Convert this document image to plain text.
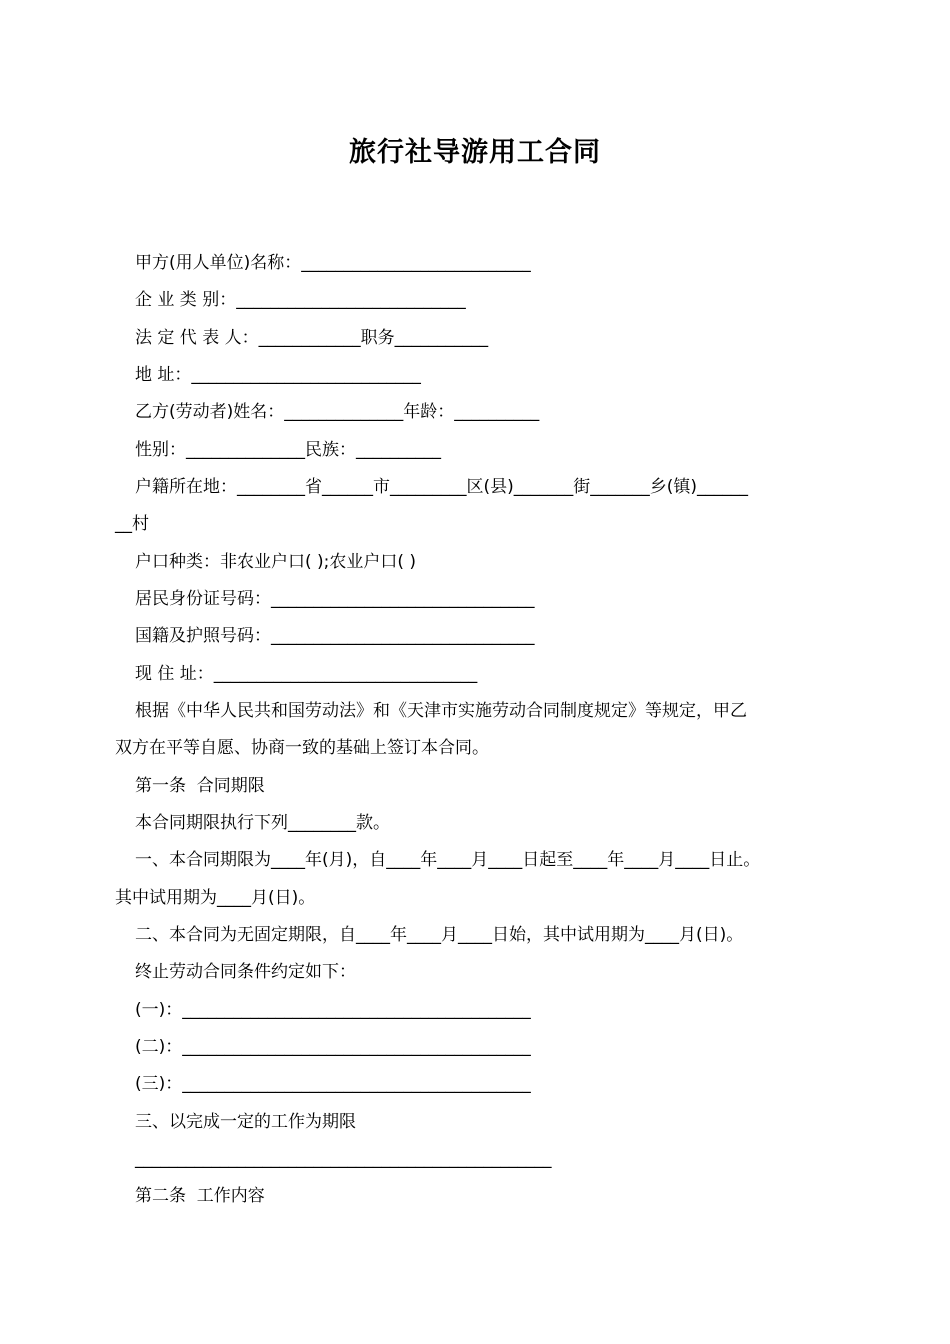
旅行社导游用工合同
甲方(用人单位)名称：___________________________
企 业 类 别：___________________________
法 定 代 表 人：____________职务___________
地 址：___________________________
乙方(劳动者)姓名：______________年龄：__________
性别：______________民族：__________
户籍所在地：________省______市_________区(县)_______街_______乡(镇)______
__村
户口种类：非农业户口( );农业户口( )
居民身份证号码：_______________________________
国籍及护照号码：_______________________________
现 住 址：_______________________________
根据《中华人民共和国劳动法》和《天津市实施劳动合同制度规定》等规定，甲乙
双方在平等自愿、协商一致的基础上签订本合同。
第一条  合同期限
本合同期限执行下列________款。
一、本合同期限为____年(月)，自____年____月____日起至____年____月____日止。
其中试用期为____月(日)。
二、本合同为无固定期限，自____年____月____日始，其中试用期为____月(日)。
终止劳动合同条件约定如下：
(一)：_________________________________________
(二)：_________________________________________
(三)：_________________________________________
三、以完成一定的工作为期限
_________________________________________________
第二条  工作内容
